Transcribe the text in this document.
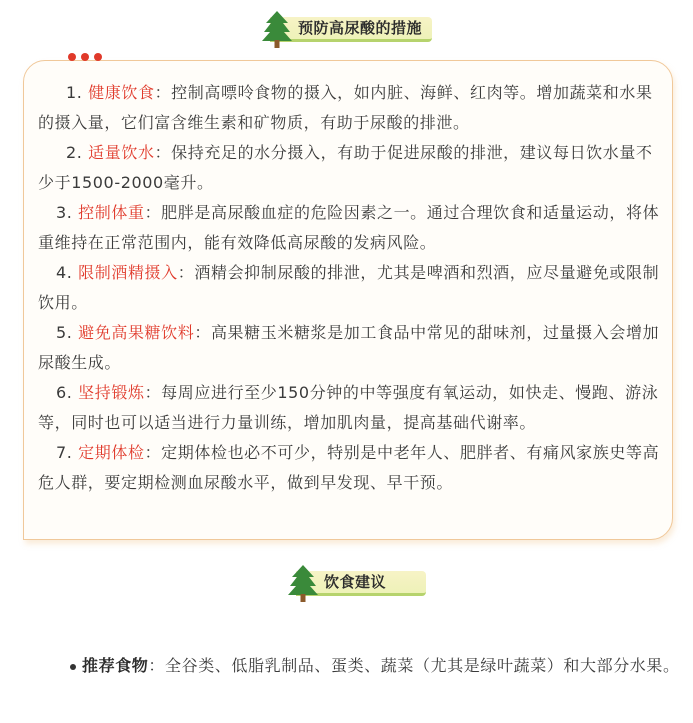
预防高尿酸的措施

1. 健康饮食：控制高嘌呤食物的摄入，如内脏、海鲜、红肉等。增加蔬菜和水果的摄入量，它们富含维生素和矿物质，有助于尿酸的排泄。

2. 适量饮水：保持充足的水分摄入，有助于促进尿酸的排泄，建议每日饮水量不少于1500-2000毫升。

3. 控制体重：肥胖是高尿酸血症的危险因素之一。通过合理饮食和适量运动，将体重维持在正常范围内，能有效降低高尿酸的发病风险。

4. 限制酒精摄入：酒精会抑制尿酸的排泄，尤其是啤酒和烈酒，应尽量避免或限制饮用。

5. 避免高果糖饮料：高果糖玉米糖浆是加工食品中常见的甜味剂，过量摄入会增加尿酸生成。

6. 坚持锻炼：每周应进行至少150分钟的中等强度有氧运动，如快走、慢跑、游泳等，同时也可以适当进行力量训练，增加肌肉量，提高基础代谢率。

7. 定期体检：定期体检也必不可少，特别是中老年人、肥胖者、有痛风家族史等高危人群，要定期检测血尿酸水平，做到早发现、早干预。

饮食建议
推荐食物：全谷类、低脂乳制品、蛋类、蔬菜（尤其是绿叶蔬菜）和大部分水果。
